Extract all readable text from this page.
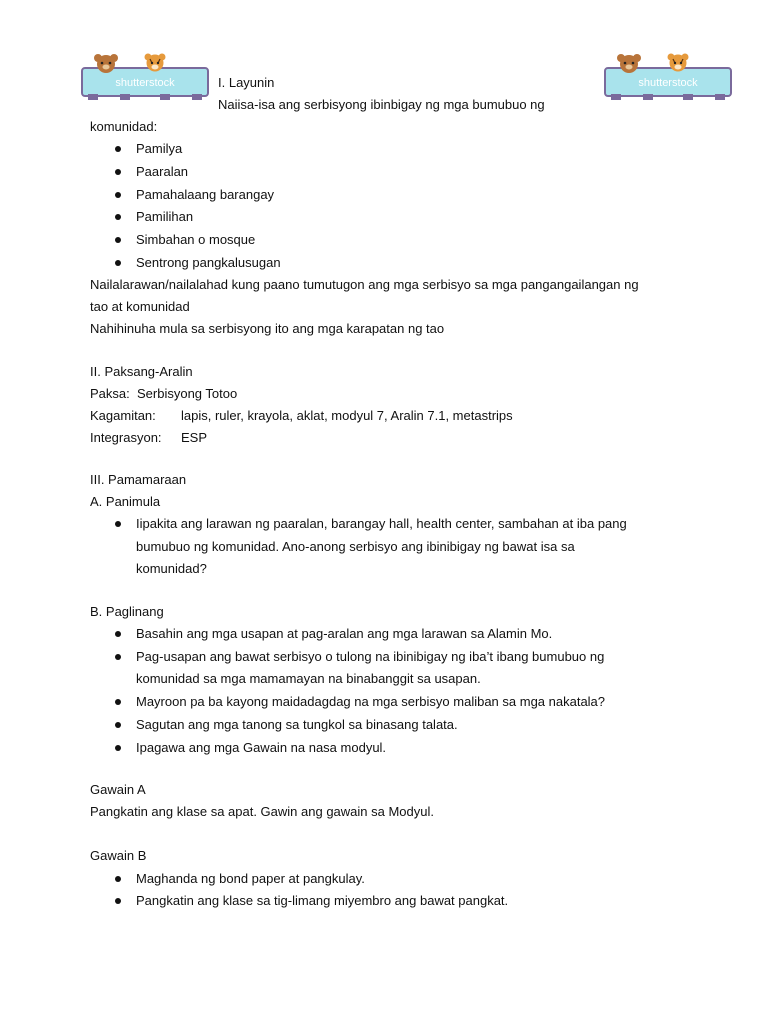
shutterstock	shutterstock
I. Layunin
Naiisa-isa ang serbisyong ibinbigay ng mga bumubuo ng
komunidad:
Pamilya
Paaralan
Pamahalaang barangay
Pamilihan
Simbahan o mosque
Sentrong pangkalusugan
Nailalarawan/nailalahad kung paano tumutugon ang mga serbisyo sa mga pangangailangan ng
tao at komunidad
Nahihinuha mula sa serbisyong ito ang mga karapatan ng tao
II. Paksang-Aralin
Paksa: Serbisyong Totoo
Kagamitan: lapis, ruler, krayola, aklat, modyul 7, Aralin 7.1, metastrips
Integrasyon: ESP
III. Pamamaraan
A. Panimula
Iipakita ang larawan ng paaralan, barangay hall, health center, sambahan at iba pang
bumubuo ng komunidad. Ano-anong serbisyo ang ibinibigay ng bawat isa sa
komunidad?
B. Paglinang
Basahin ang mga usapan at pag-aralan ang mga larawan sa Alamin Mo.
Pag-usapan ang bawat serbisyo o tulong na ibinibigay ng iba’t ibang bumubuo ng
komunidad sa mga mamamayan na binabanggit sa usapan.
Mayroon pa ba kayong maidadagdag na mga serbisyo maliban sa mga nakatala?
Sagutan ang mga tanong sa tungkol sa binasang talata.
Ipagawa ang mga Gawain na nasa modyul.
Gawain A
Pangkatin ang klase sa apat. Gawin ang gawain sa Modyul.
Gawain B
Maghanda ng bond paper at pangkulay.
Pangkatin ang klase sa tig-limang miyembro ang bawat pangkat.
